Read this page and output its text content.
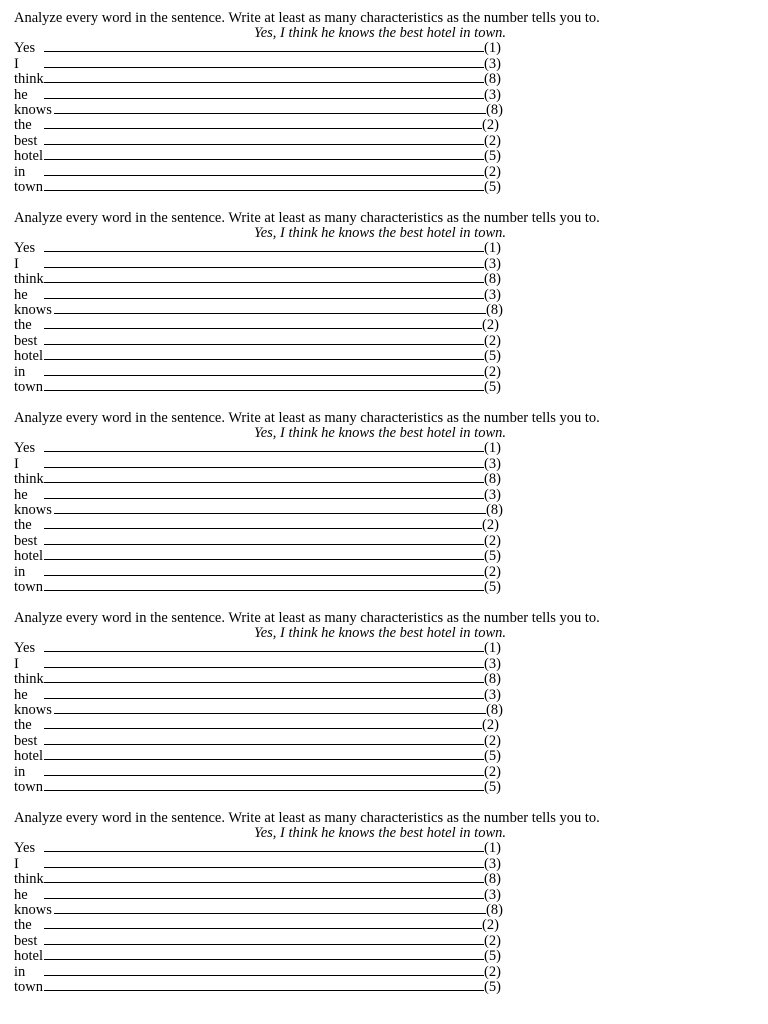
Analyze every word in the sentence. Write at least as many characteristics as the number tells you to.
Yes, I think he knows the best hotel in town.
Yes	(1)
I	(3)
think	(8)
he	(3)
knows	(8)
the	(2)
best	(2)
hotel	(5)
in	(2)
town	(5)
Analyze every word in the sentence. Write at least as many characteristics as the number tells you to.
Yes, I think he knows the best hotel in town.
Yes	(1)
I	(3)
think	(8)
he	(3)
knows	(8)
the	(2)
best	(2)
hotel	(5)
in	(2)
town	(5)
Analyze every word in the sentence. Write at least as many characteristics as the number tells you to.
Yes, I think he knows the best hotel in town.
Yes	(1)
I	(3)
think	(8)
he	(3)
knows	(8)
the	(2)
best	(2)
hotel	(5)
in	(2)
town	(5)
Analyze every word in the sentence. Write at least as many characteristics as the number tells you to.
Yes, I think he knows the best hotel in town.
Yes	(1)
I	(3)
think	(8)
he	(3)
knows	(8)
the	(2)
best	(2)
hotel	(5)
in	(2)
town	(5)
Analyze every word in the sentence. Write at least as many characteristics as the number tells you to.
Yes, I think he knows the best hotel in town.
Yes	(1)
I	(3)
think	(8)
he	(3)
knows	(8)
the	(2)
best	(2)
hotel	(5)
in	(2)
town	(5)
